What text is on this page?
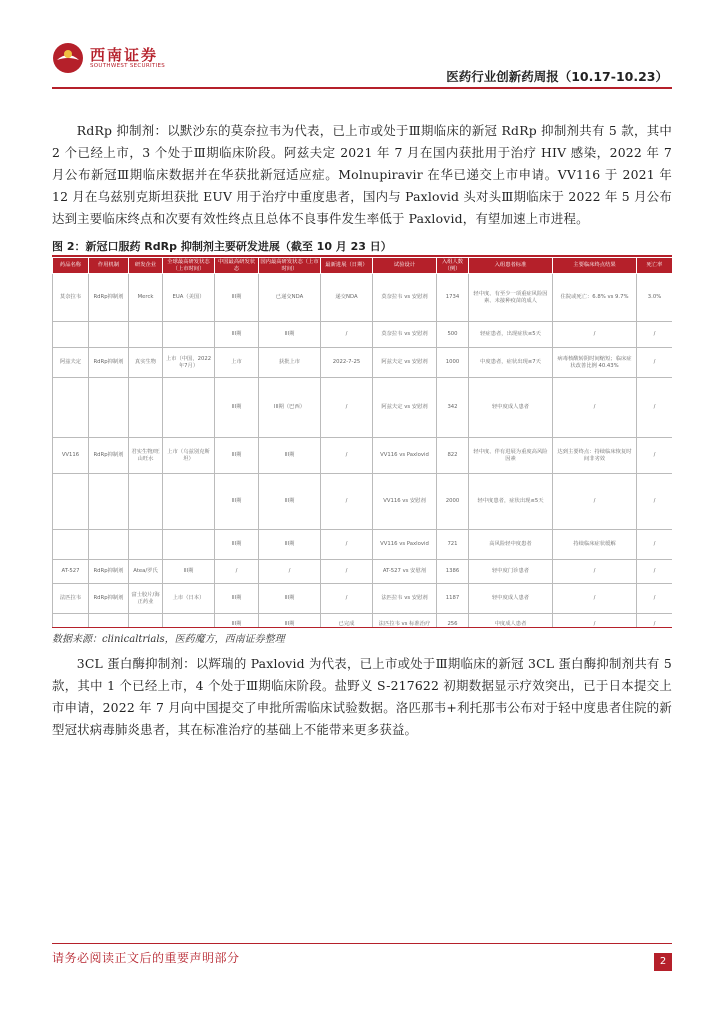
西南证券
SOUTHWEST SECURITIES
医药行业创新药周报（10.17-10.23）
RdRp 抑制剂：以默沙东的莫奈拉韦为代表，已上市或处于Ⅲ期临床的新冠 RdRp 抑制剂共有 5 款，其中 2 个已经上市，3 个处于Ⅲ期临床阶段。阿兹夫定 2021 年 7 月在国内获批用于治疗 HIV 感染，2022 年 7 月公布新冠Ⅲ期临床数据并在华获批新冠适应症。Molnupiravir 在华已递交上市申请。VV116 于 2021 年 12 月在乌兹别克斯坦获批 EUV 用于治疗中重度患者，国内与 Paxlovid 头对头Ⅲ期临床于 2022 年 5 月公布达到主要临床终点和次要有效性终点且总体不良事件发生率低于 Paxlovid，有望加速上市进程。
图 2：新冠口服药 RdRp 抑制剂主要研发进展（截至 10 月 23 日）
药品名称	作用机制	研发企业	全球最高研发状态（上市时间）	中国最高研发状态	国内最高研发状态（上市时间）	最新进展（日期）	试验设计	入组人数（例）	入组患者标准	主要临床终点结果	死亡率
莫奈拉韦	RdRp抑制剂	Merck	EUA（美国）	III期	已递交NDA	递交NDA	莫奈拉韦 vs 安慰剂	1734	轻中度、有至少一项重症风险因素、未接种疫苗的成人	住院或死亡：6.8% vs 9.7%	3.0%
				III期	III期	/	莫奈拉韦 vs 安慰剂	500	轻症患者，出现症状≤5天	/	/
阿兹夫定	RdRp抑制剂	真实生物	上市（中国，2022年7月）	上市	获批上市	2022-7-25	阿兹夫定 vs 安慰剂	1000	中度患者，症状出现≤7天	病毒核酸转阴时间缩短；临床症状改善比例 40.43%	/
				III期	III期（巴西）	/	阿兹夫定 vs 安慰剂	342	轻中度成人患者	/	/
VV116	RdRp抑制剂	君实生物/旺山旺水	上市（乌兹别克斯坦）	III期	III期	/	VV116 vs Paxlovid	822	轻中度、伴有进展为重度高风险因素	达到主要终点：持续临床恢复时间非劣效	/
				III期	III期	/	VV116 vs 安慰剂	2000	轻中度患者，症状出现≤5天	/	/
				III期	III期	/	VV116 vs Paxlovid	721	高风险轻中度患者	持续临床症状缓解	/
AT-527	RdRp抑制剂	Atea/罗氏	III期	/	/	/	AT-527 vs 安慰剂	1386	轻中度门诊患者	/	/
法匹拉韦	RdRp抑制剂	富士胶片/海正药业	上市（日本）	III期	III期	/	法匹拉韦 vs 安慰剂	1187	轻中度成人患者	/	/
				III期	III期	已完成	法匹拉韦 vs 标准治疗	256	中度成人患者	/	/
数据来源：clinicaltrials，医药魔方，西南证券整理
3CL 蛋白酶抑制剂：以辉瑞的 Paxlovid 为代表，已上市或处于Ⅲ期临床的新冠 3CL 蛋白酶抑制剂共有 5 款，其中 1 个已经上市，4 个处于Ⅲ期临床阶段。盐野义 S-217622 初期数据显示疗效突出，已于日本提交上市申请，2022 年 7 月向中国提交了申批所需临床试验数据。洛匹那韦+利托那韦公布对于轻中度患者住院的新型冠状病毒肺炎患者，其在标准治疗的基础上不能带来更多获益。
请务必阅读正文后的重要声明部分	2
